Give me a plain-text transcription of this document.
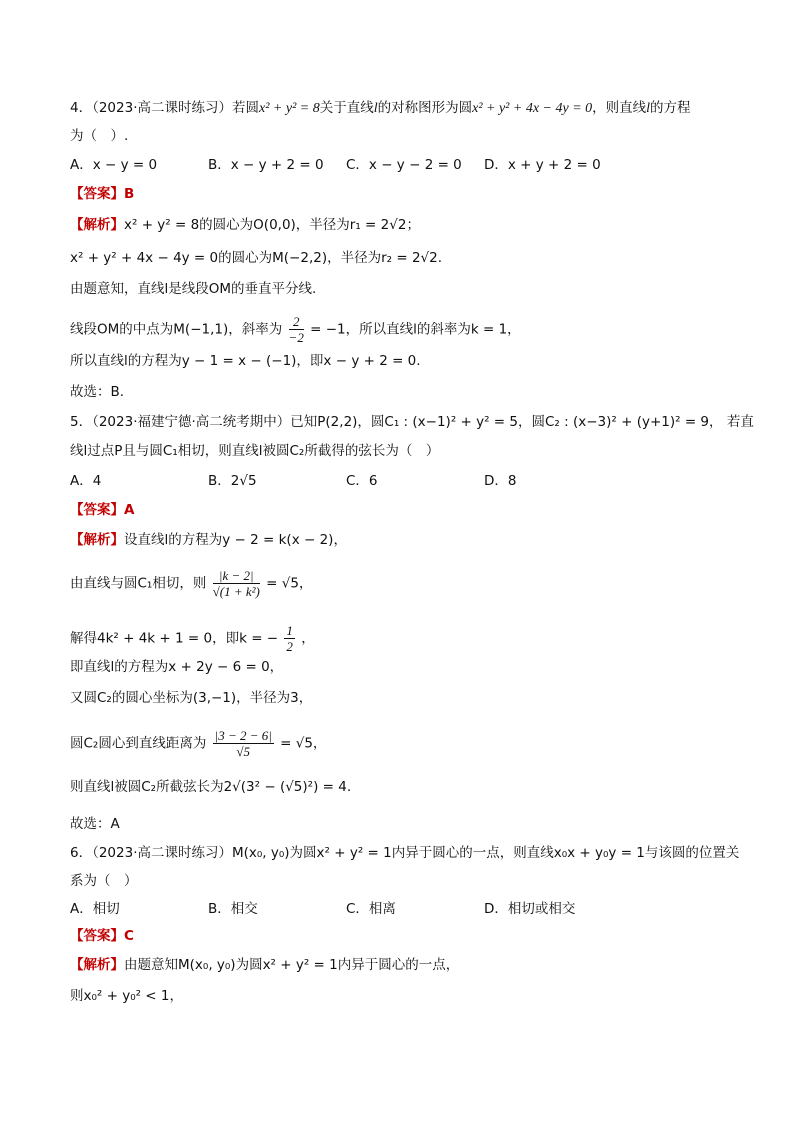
4．（2023·高二课时练习）若圆x² + y² = 8关于直线l的对称图形为圆x² + y² + 4x − 4y = 0，则直线l的方程
为（　）.
A．x − y = 0	B．x − y + 2 = 0 C．x − y − 2 = 0 D．x + y + 2 = 0
【答案】B
【解析】x² + y² = 8的圆心为O(0,0)，半径为r₁ = 2√2；
x² + y² + 4x − 4y = 0的圆心为M(−2,2)，半径为r₂ = 2√2.
由题意知，直线l是线段OM的垂直平分线.
线段OM的中点为M(−1,1)，斜率为 $\frac{2}{-2} = -1$，所以直线l的斜率为k = 1，
所以直线l的方程为y − 1 = x − (−1)，即x − y + 2 = 0.
故选：B.
5．（2023·福建宁德·高二统考期中）已知P(2,2)，圆C₁ : (x−1)² + y² = 5，圆C₂ : (x−3)² + (y+1)² = 9， 若直
线l过点P且与圆C₁相切，则直线l被圆C₂所截得的弦长为（　）
A．4	B．2√5	C．6	D．8
【答案】A
【解析】设直线l的方程为y − 2 = k(x − 2)，
由直线与圆C₁相切，则 $\frac{|k - 2|}{\text{√(1 + k²)}} = √5$，
解得4k² + 4k + 1 = 0，即k = − $\frac{1}{2}$ ，
即直线l的方程为x + 2y − 6 = 0，
又圆C₂的圆心坐标为(3,−1)，半径为3，
圆C₂圆心到直线距离为 $\frac{|3 - 2 - 6|}{√5} = √5$，
则直线l被圆C₂所截弦长为2√(3² − (√5)²) = 4.
故选：A
6．（2023·高二课时练习）M(x₀, y₀)为圆x² + y² = 1内异于圆心的一点，则直线x₀x + y₀y = 1与该圆的位置关
系为（　）
A．相切	B．相交	C．相离	D．相切或相交
【答案】C
【解析】由题意知M(x₀, y₀)为圆x² + y² = 1内异于圆心的一点，
则x₀² + y₀² < 1，
